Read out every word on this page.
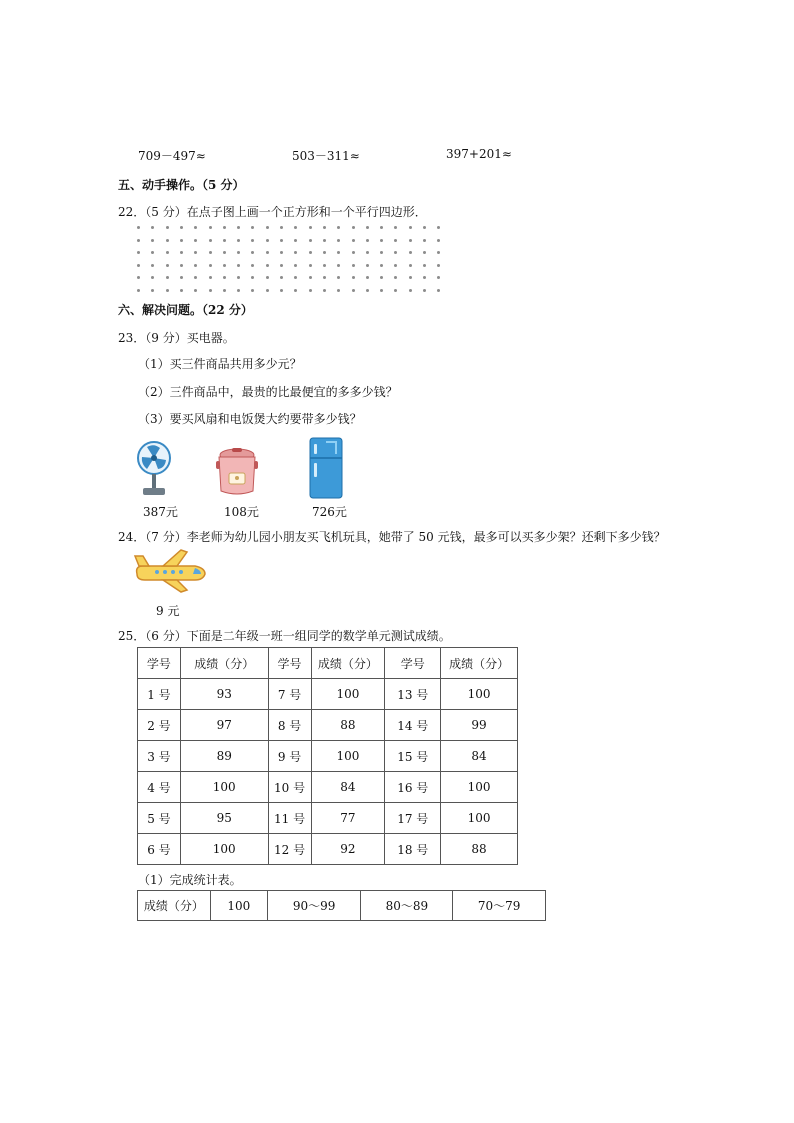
709－497≈	503－311≈	397+201≈
五、动手操作。（5 分）
22．（5 分）在点子图上画一个正方形和一个平行四边形．
六、解决问题。（22 分）
23．（9 分）买电器。
（1）买三件商品共用多少元？
（2）三件商品中，最贵的比最便宜的多多少钱？
（3）要买风扇和电饭煲大约要带多少钱？
387元	108元	726元
24．（7 分）李老师为幼儿园小朋友买飞机玩具，她带了 50 元钱，最多可以买多少架？还剩下多少钱？
9 元
25．（6 分）下面是二年级一班一组同学的数学单元测试成绩。
学号	成绩（分）	学号	成绩（分）	学号	成绩（分）
1 号	93	7 号	100	13 号	100
2 号	97	8 号	88	14 号	99
3 号	89	9 号	100	15 号	84
4 号	100	10 号	84	16 号	100
5 号	95	11 号	77	17 号	100
6 号	100	12 号	92	18 号	88
（1）完成统计表。
成绩（分）	100	90～99	80～89	70～79
